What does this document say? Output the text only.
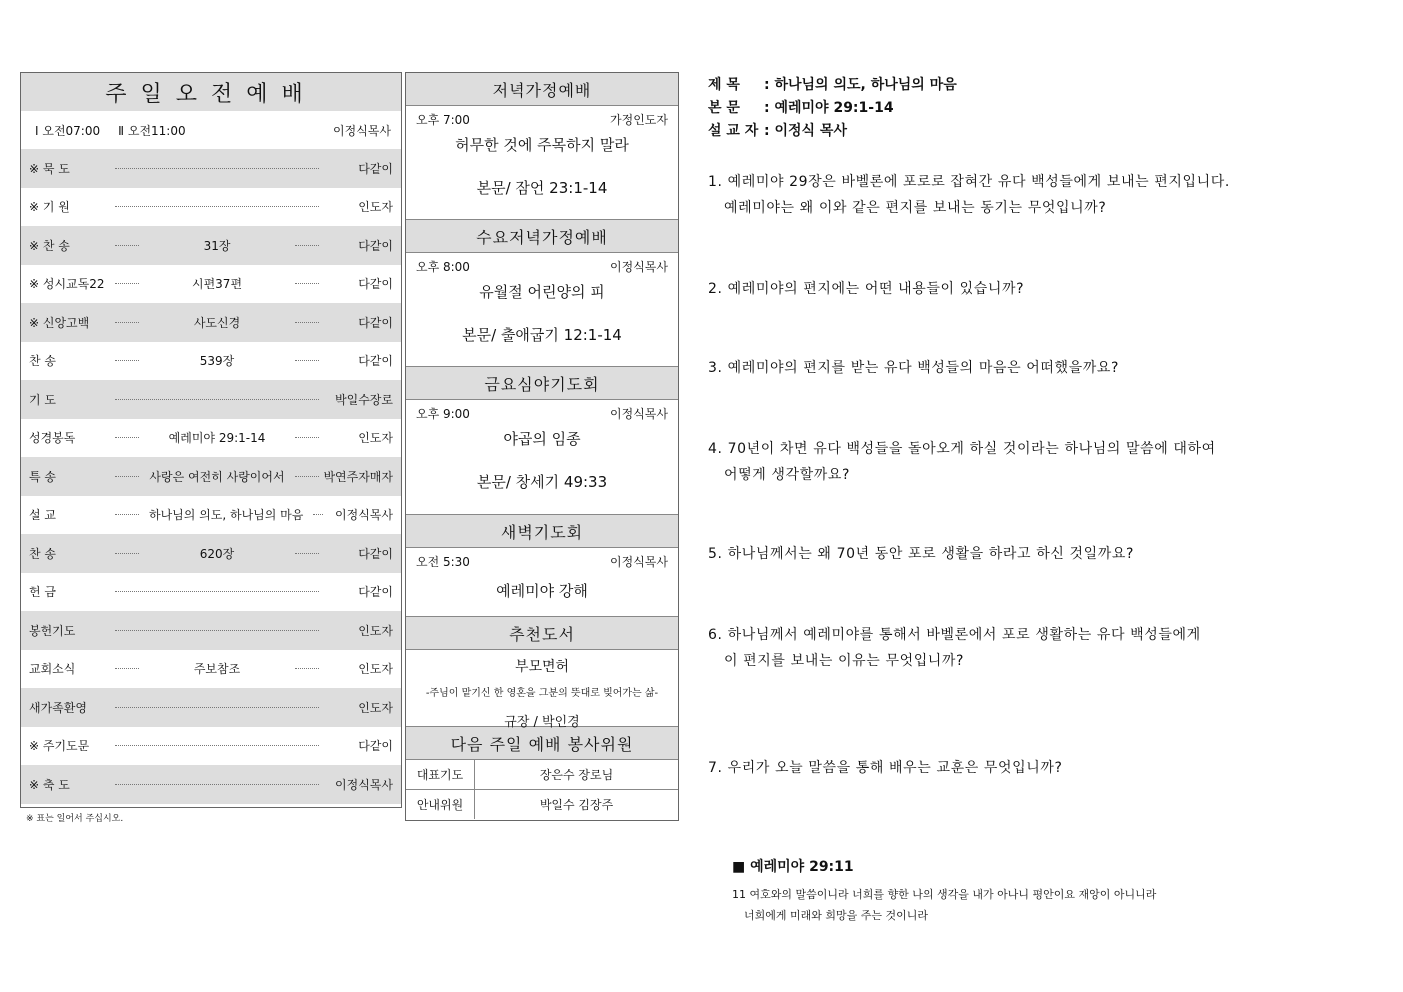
주일오전예배
Ⅰ 오전07:00 Ⅱ 오전11:00	이정식목사
※ 묵 도	다같이
※ 기 원	인도자
※ 찬 송	31장	다같이
※ 성시교독22	시편37편	다같이
※ 신앙고백	사도신경	다같이
찬 송	539장	다같이
기 도	박일수장로
성경봉독	예레미야 29:1-14	인도자
특 송	사랑은 여전히 사랑이어서	박연주자매자
설 교	하나님의 의도, 하나님의 마음	이정식목사
찬 송	620장	다같이
헌 금	다같이
봉헌기도	인도자
교회소식	주보참조	인도자
새가족환영	인도자
※ 주기도문	다같이
※ 축 도	이정식목사
※ 표는 일어서 주십시오.
저녁가정예배
오후 7:00	가정인도자
허무한 것에 주목하지 말라
본문/ 잠언 23:1-14
수요저녁가정예배
오후 8:00	이정식목사
유월절 어린양의 피
본문/ 출애굽기 12:1-14
금요심야기도회
오후 9:00	이정식목사
야곱의 임종
본문/ 창세기 49:33
새벽기도회
오전 5:30	이정식목사
예레미야 강해
추천도서
부모면허
-주님이 맡기신 한 영혼을 그분의 뜻대로 빚어가는 삶-
규장 / 박인경
다음 주일 예배 봉사위원
대표기도	장은수 장로님
안내위원	박일수 김장주
제 목 : 하나님의 의도, 하나님의 마음
본 문 : 예레미야 29:1-14
설 교 자 : 이정식 목사
1. 예레미야 29장은 바벨론에 포로로 잡혀간 유다 백성들에게 보내는 편지입니다.
예레미야는 왜 이와 같은 편지를 보내는 동기는 무엇입니까?
2. 예레미야의 편지에는 어떤 내용들이 있습니까?
3. 예레미야의 편지를 받는 유다 백성들의 마음은 어떠했을까요?
4. 70년이 차면 유다 백성들을 돌아오게 하실 것이라는 하나님의 말씀에 대하여
어떻게 생각할까요?
5. 하나님께서는 왜 70년 동안 포로 생활을 하라고 하신 것일까요?
6. 하나님께서 예레미야를 통해서 바벨론에서 포로 생활하는 유다 백성들에게
이 편지를 보내는 이유는 무엇입니까?
7. 우리가 오늘 말씀을 통해 배우는 교훈은 무엇입니까?
■ 예레미야 29:11
11 여호와의 말씀이니라 너희를 향한 나의 생각을 내가 아나니 평안이요 재앙이 아니니라
너희에게 미래와 희망을 주는 것이니라
